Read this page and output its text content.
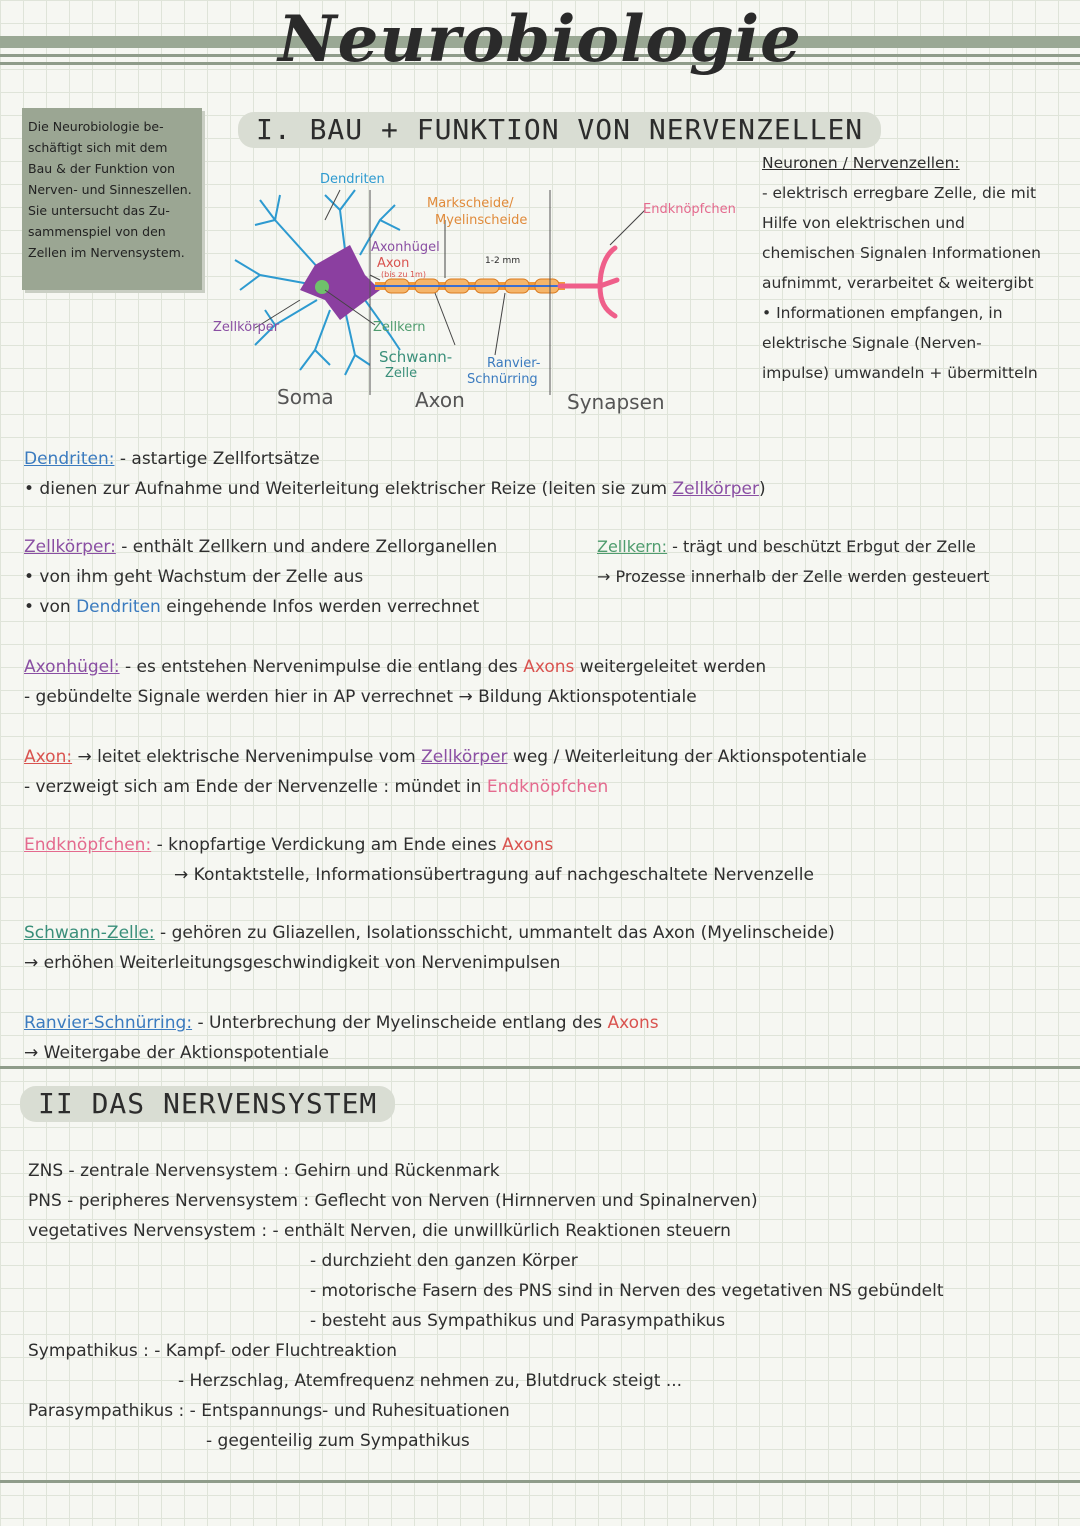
Neurobiologie
Die Neurobiologie be-
schäftigt sich mit dem
Bau & der Funktion von
Nerven- und Sinneszellen.
Sie untersucht das Zu-
sammenspiel von den
Zellen im Nervensystem.
I. BAU + FUNKTION VON NERVENZELLEN
Dendriten
Markscheide/
Myelinscheide
Endknöpfchen
Axonhügel
Axon
(bis zu 1m)
1-2 mm
Zellkörper	Zellkern
Schwann-
Zelle
Ranvier-
Schnürring
Soma	Axon	Synapsen
Neuronen / Nervenzellen:
- elektrisch erregbare Zelle, die mit
Hilfe von elektrischen und
chemischen Signalen Informationen
aufnimmt, verarbeitet & weitergibt
• Informationen empfangen, in
elektrische Signale (Nerven-
impulse) umwandeln + übermitteln
Dendriten: - astartige Zellfortsätze
• dienen zur Aufnahme und Weiterleitung elektrischer Reize (leiten sie zum Zellkörper)
Zellkörper: - enthält Zellkern und andere Zellorganellen
• von ihm geht Wachstum der Zelle aus
• von Dendriten eingehende Infos werden verrechnet
Zellkern: - trägt und beschützt Erbgut der Zelle
→ Prozesse innerhalb der Zelle werden gesteuert
Axonhügel: - es entstehen Nervenimpulse die entlang des Axons weitergeleitet werden
- gebündelte Signale werden hier in AP verrechnet → Bildung Aktionspotentiale
Axon: → leitet elektrische Nervenimpulse vom Zellkörper weg / Weiterleitung der Aktionspotentiale
- verzweigt sich am Ende der Nervenzelle : mündet in Endknöpfchen
Endknöpfchen: - knopfartige Verdickung am Ende eines Axons
→ Kontaktstelle, Informationsübertragung auf nachgeschaltete Nervenzelle
Schwann-Zelle: - gehören zu Gliazellen, Isolationsschicht, ummantelt das Axon (Myelinscheide)
→ erhöhen Weiterleitungsgeschwindigkeit von Nervenimpulsen
Ranvier-Schnürring: - Unterbrechung der Myelinscheide entlang des Axons
→ Weitergabe der Aktionspotentiale
II DAS NERVENSYSTEM
ZNS - zentrale Nervensystem : Gehirn und Rückenmark
PNS - peripheres Nervensystem : Geflecht von Nerven (Hirnnerven und Spinalnerven)
vegetatives Nervensystem : - enthält Nerven, die unwillkürlich Reaktionen steuern
- durchzieht den ganzen Körper
- motorische Fasern des PNS sind in Nerven des vegetativen NS gebündelt
- besteht aus Sympathikus und Parasympathikus
Sympathikus : - Kampf- oder Fluchtreaktion
- Herzschlag, Atemfrequenz nehmen zu, Blutdruck steigt ...
Parasympathikus : - Entspannungs- und Ruhesituationen
- gegenteilig zum Sympathikus
